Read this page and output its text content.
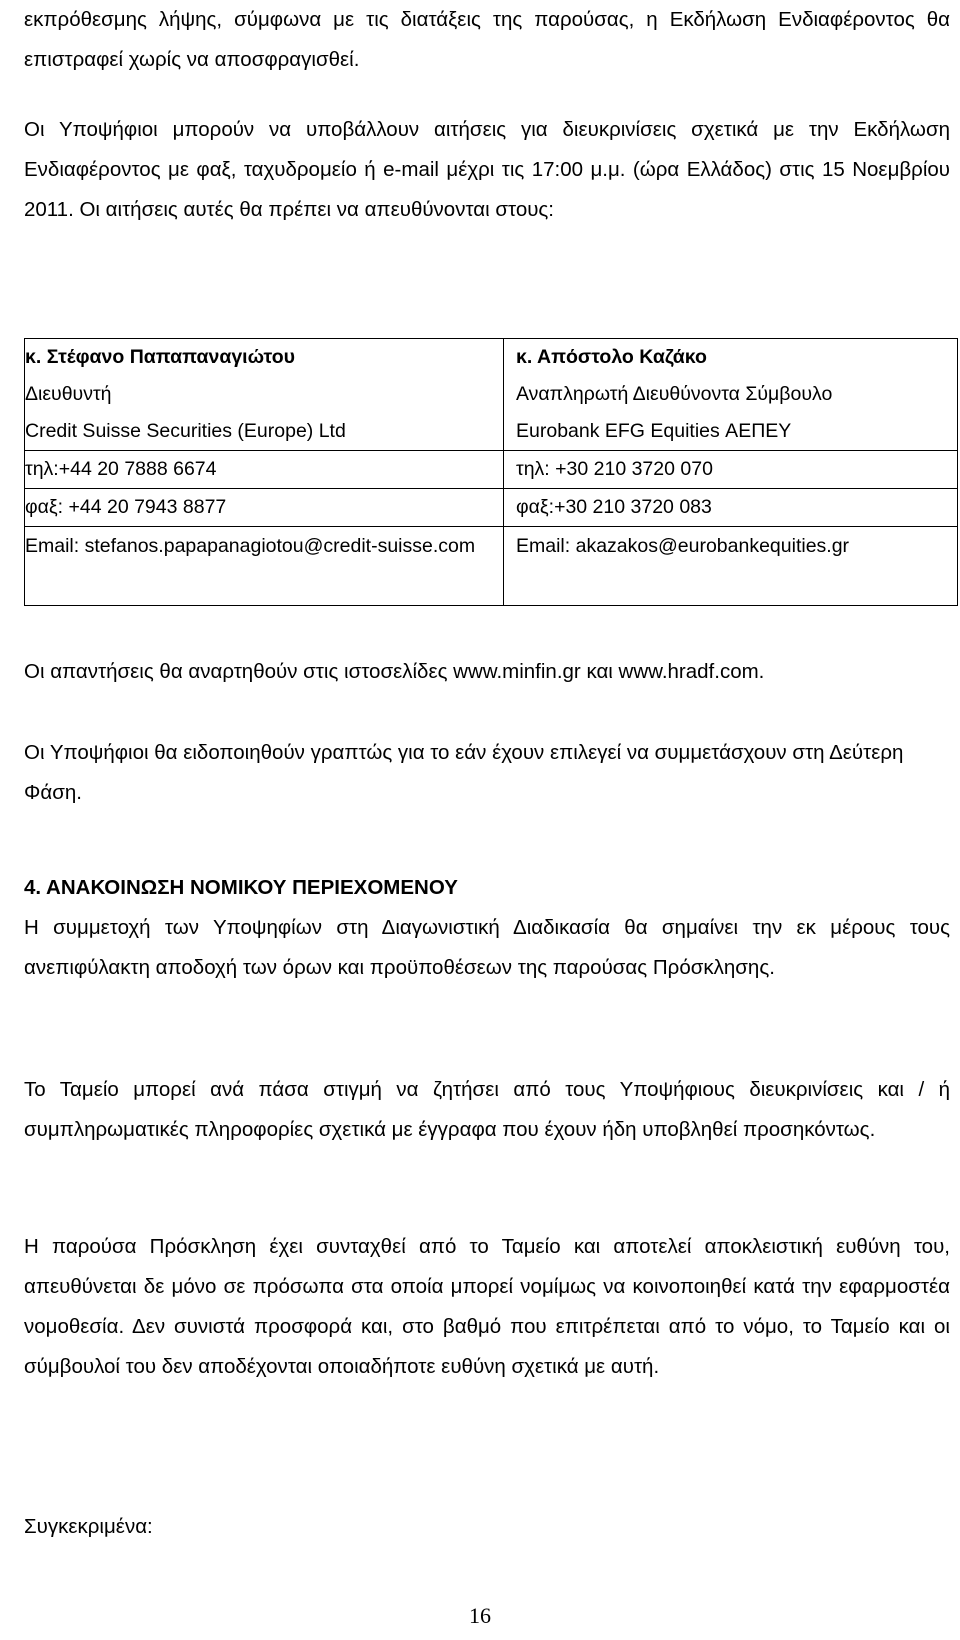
εκπρόθεσμης λήψης, σύμφωνα με τις διατάξεις της παρούσας, η Εκδήλωση Ενδιαφέροντος θα επιστραφεί χωρίς να αποσφραγισθεί.

Οι Υποψήφιοι μπορούν να υποβάλλουν αιτήσεις για διευκρινίσεις σχετικά με την Εκδήλωση Ενδιαφέροντος με φαξ, ταχυδρομείο ή e-mail μέχρι τις 17:00 μ.μ. (ώρα Ελλάδος) στις 15 Νοεμβρίου 2011. Οι αιτήσεις αυτές θα πρέπει να απευθύνονται στους:

κ. Στέφανο Παπαπαναγιώτου	κ. Απόστολο Καζάκο
Διευθυντή	Αναπληρωτή Διευθύνοντα Σύμβουλο
Credit Suisse Securities (Europe) Ltd	Eurobank EFG Equities ΑΕΠΕΥ
τηλ:+44 20 7888 6674	τηλ: +30 210 3720 070
φαξ: +44 20 7943 8877	φαξ:+30 210 3720 083
Email: stefanos.papapanagiotou@credit-suisse.com	Email: akazakos@eurobankequities.gr

Οι απαντήσεις θα αναρτηθούν στις ιστοσελίδες www.minfin.gr και www.hradf.com.

Οι Υποψήφιοι θα ειδοποιηθούν γραπτώς για το εάν έχουν επιλεγεί να συμμετάσχουν στη Δεύτερη Φάση.

4. ΑΝΑΚΟΙΝΩΣΗ ΝΟΜΙΚΟΥ ΠΕΡΙΕΧΟΜΕΝΟΥ

Η συμμετοχή των Υποψηφίων στη Διαγωνιστική Διαδικασία θα σημαίνει την εκ μέρους τους ανεπιφύλακτη αποδοχή των όρων και προϋποθέσεων της παρούσας Πρόσκλησης.

Το Ταμείο μπορεί ανά πάσα στιγμή να ζητήσει από τους Υποψήφιους διευκρινίσεις και / ή συμπληρωματικές πληροφορίες σχετικά με έγγραφα που έχουν ήδη υποβληθεί προσηκόντως.

Η παρούσα Πρόσκληση έχει συνταχθεί από το Ταμείο και αποτελεί αποκλειστική ευθύνη του, απευθύνεται δε μόνο σε πρόσωπα στα οποία μπορεί νομίμως να κοινοποιηθεί κατά την εφαρμοστέα νομοθεσία. Δεν συνιστά προσφορά και, στο βαθμό που επιτρέπεται από το νόμο, το Ταμείο και οι σύμβουλοί του δεν αποδέχονται οποιαδήποτε ευθύνη σχετικά με αυτή.

Συγκεκριμένα:

16
